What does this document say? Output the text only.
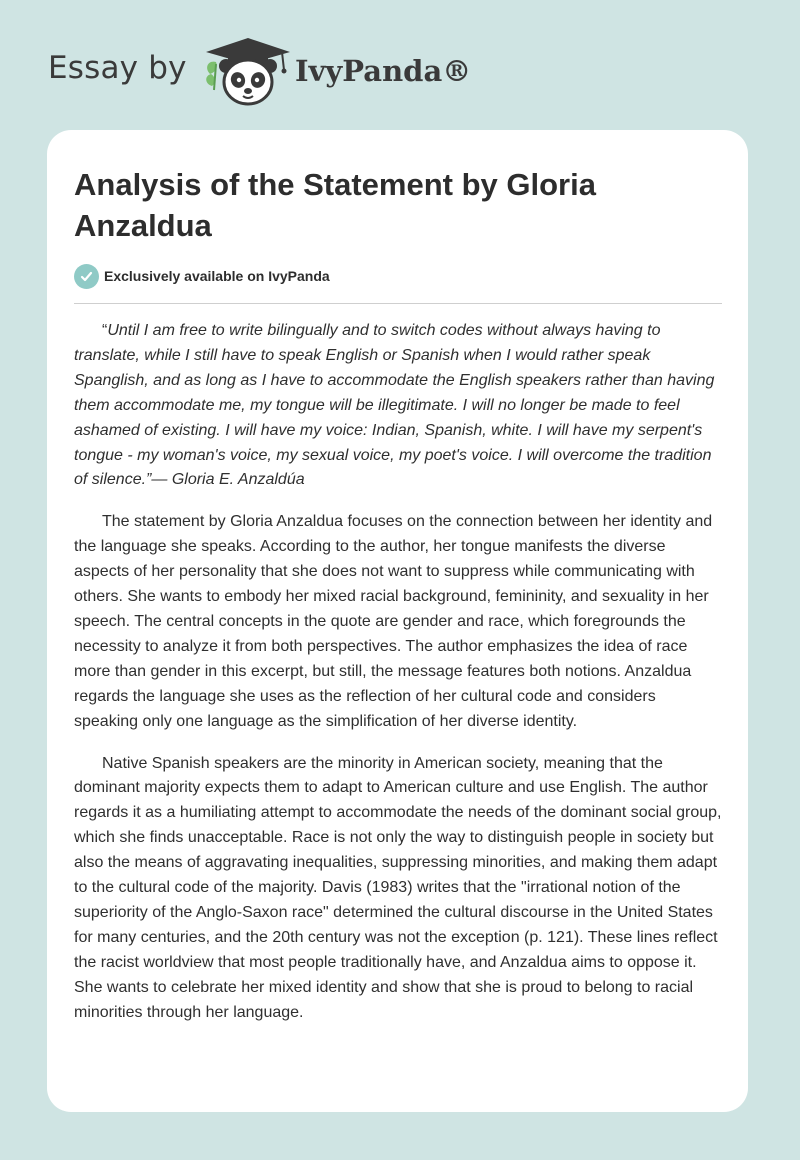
Essay by	IvyPanda®
Analysis of the Statement by Gloria Anzaldua
Exclusively available on IvyPanda

“Until I am free to write bilingually and to switch codes without always having to translate, while I still have to speak English or Spanish when I would rather speak Spanglish, and as long as I have to accommodate the English speakers rather than having them accommodate me, my tongue will be illegitimate. I will no longer be made to feel ashamed of existing. I will have my voice: Indian, Spanish, white. I will have my serpent's tongue - my woman's voice, my sexual voice, my poet's voice. I will overcome the tradition of silence.”— Gloria E. Anzaldúa

The statement by Gloria Anzaldua focuses on the connection between her identity and the language she speaks. According to the author, her tongue manifests the diverse aspects of her personality that she does not want to suppress while communicating with others. She wants to embody her mixed racial background, femininity, and sexuality in her speech. The central concepts in the quote are gender and race, which foregrounds the necessity to analyze it from both perspectives. The author emphasizes the idea of race more than gender in this excerpt, but still, the message features both notions. Anzaldua regards the language she uses as the reflection of her cultural code and considers speaking only one language as the simplification of her diverse identity.

Native Spanish speakers are the minority in American society, meaning that the dominant majority expects them to adapt to American culture and use English. The author regards it as a humiliating attempt to accommodate the needs of the dominant social group, which she finds unacceptable. Race is not only the way to distinguish people in society but also the means of aggravating inequalities, suppressing minorities, and making them adapt to the cultural code of the majority. Davis (1983) writes that the "irrational notion of the superiority of the Anglo-Saxon race" determined the cultural discourse in the United States for many centuries, and the 20th century was not the exception (p. 121). These lines reflect the racist worldview that most people traditionally have, and Anzaldua aims to oppose it. She wants to celebrate her mixed identity and show that she is proud to belong to racial minorities through her language.
